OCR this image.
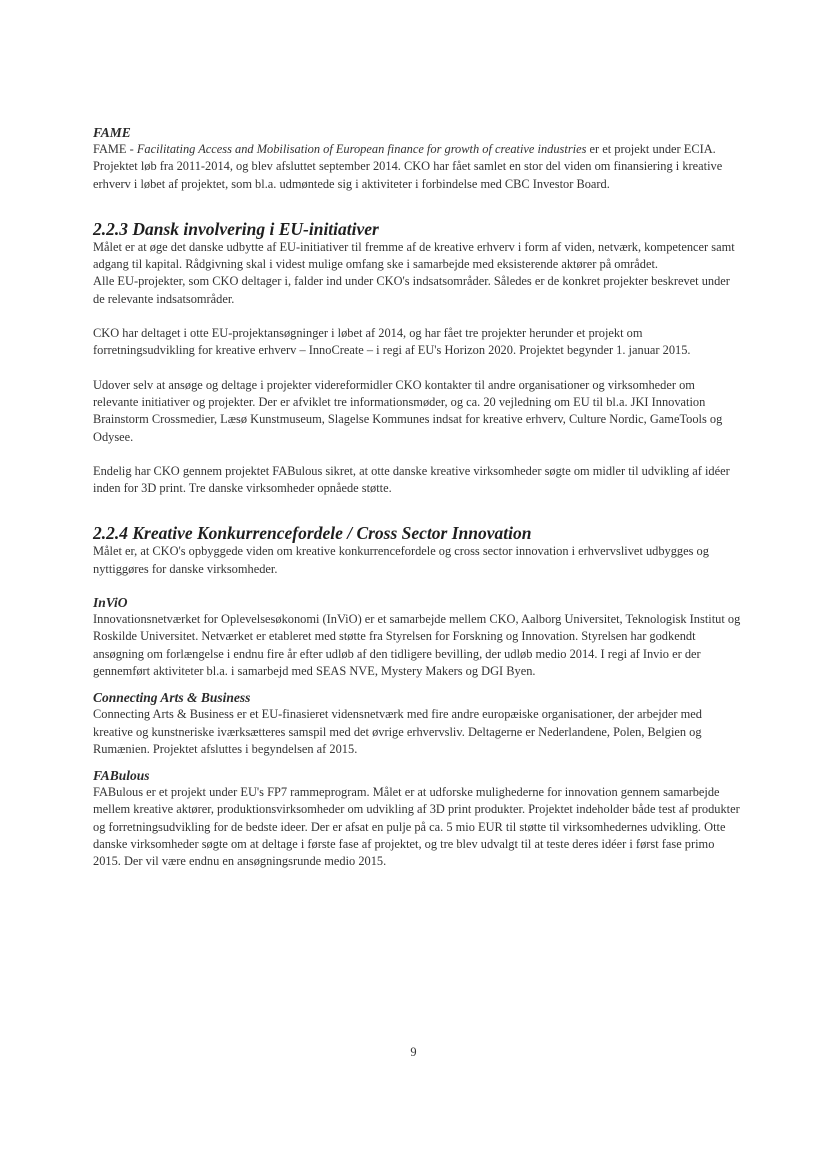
FAME

FAME - Facilitating Access and Mobilisation of European finance for growth of creative industries er et projekt under ECIA. Projektet løb fra 2011-2014, og blev afsluttet september 2014. CKO har fået samlet en stor del viden om finansiering i kreative erhverv i løbet af projektet, som bl.a. udmøntede sig i aktiviteter i forbindelse med CBC Investor Board.

2.2.3 Dansk involvering i EU-initiativer

Målet er at øge det danske udbytte af EU-initiativer til fremme af de kreative erhverv i form af viden, netværk, kompetencer samt adgang til kapital. Rådgivning skal i videst mulige omfang ske i samarbejde med eksisterende aktører på området.

Alle EU-projekter, som CKO deltager i, falder ind under CKO's indsatsområder. Således er de konkret projekter beskrevet under de relevante indsatsområder.

CKO har deltaget i otte EU-projektansøgninger i løbet af 2014, og har fået tre projekter herunder et projekt om forretningsudvikling for kreative erhverv – InnoCreate – i regi af EU's Horizon 2020. Projektet begynder 1. januar 2015.

Udover selv at ansøge og deltage i projekter videreformidler CKO kontakter til andre organisationer og virksomheder om relevante initiativer og projekter. Der er afviklet tre informationsmøder, og ca. 20 vejledning om EU til bl.a. JKI Innovation Brainstorm Crossmedier, Læsø Kunstmuseum, Slagelse Kommunes indsat for kreative erhverv, Culture Nordic, GameTools og Odysee.

Endelig har CKO gennem projektet FABulous sikret, at otte danske kreative virksomheder søgte om midler til udvikling af idéer inden for 3D print. Tre danske virksomheder opnåede støtte.

2.2.4 Kreative Konkurrencefordele / Cross Sector Innovation

Målet er, at CKO's opbyggede viden om kreative konkurrencefordele og cross sector innovation i erhvervslivet udbygges og nyttiggøres for danske virksomheder.

InViO

Innovationsnetværket for Oplevelsesøkonomi (InViO) er et samarbejde mellem CKO, Aalborg Universitet, Teknologisk Institut og Roskilde Universitet. Netværket er etableret med støtte fra Styrelsen for Forskning og Innovation. Styrelsen har godkendt ansøgning om forlængelse i endnu fire år efter udløb af den tidligere bevilling, der udløb medio 2014. I regi af Invio er der gennemført aktiviteter bl.a. i samarbejd med SEAS NVE, Mystery Makers og DGI Byen.

Connecting Arts & Business

Connecting Arts & Business er et EU-finasieret vidensnetværk med fire andre europæiske organisationer, der arbejder med kreative og kunstneriske iværksætteres samspil med det øvrige erhvervsliv. Deltagerne er Nederlandene, Polen, Belgien og Rumænien. Projektet afsluttes i begyndelsen af 2015.

FABulous

FABulous er et projekt under EU's FP7 rammeprogram. Målet er at udforske mulighederne for innovation gennem samarbejde mellem kreative aktører, produktionsvirksomheder om udvikling af 3D print produkter. Projektet indeholder både test af produkter og forretningsudvikling for de bedste ideer. Der er afsat en pulje på ca. 5 mio EUR til støtte til virksomhedernes udvikling. Otte danske virksomheder søgte om at deltage i første fase af projektet, og tre blev udvalgt til at teste deres idéer i først fase primo 2015. Der vil være endnu en ansøgningsrunde medio 2015.

9
